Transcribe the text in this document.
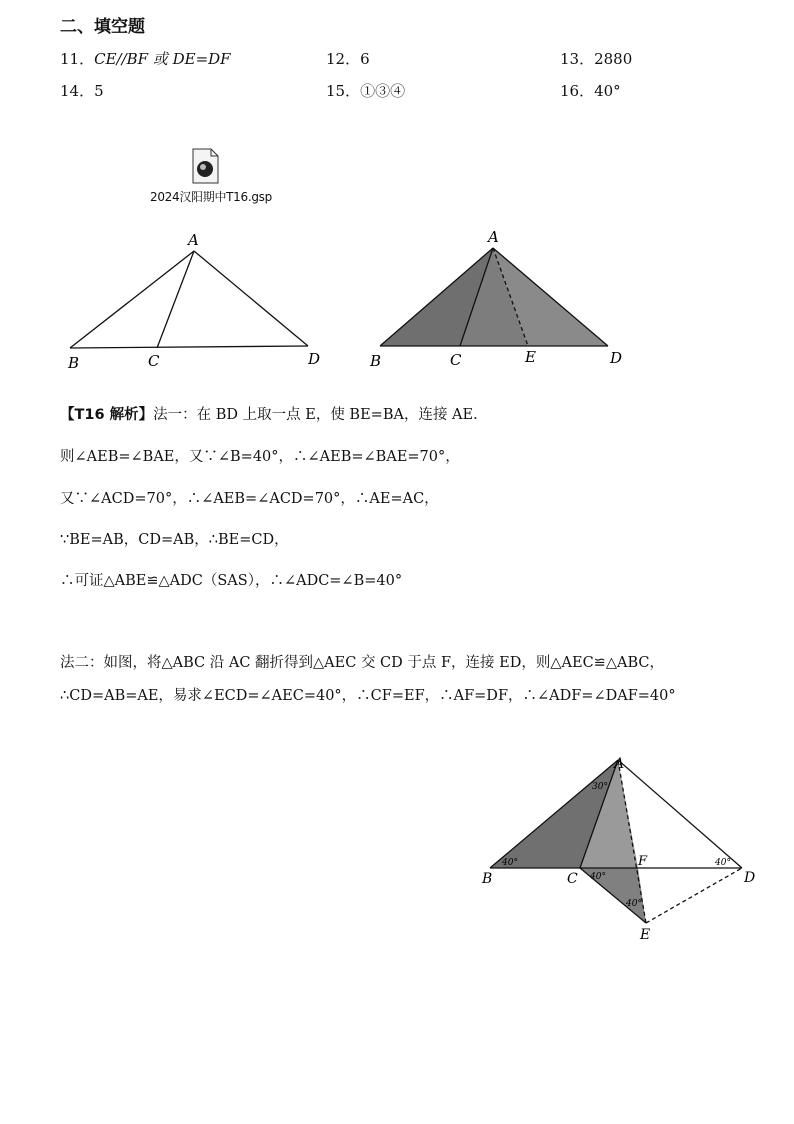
二、填空题
11．CE//BF 或 DE=DF	12．6	13．2880
14．5	15．①③④	16．40°
2024汉阳期中T16.gsp
A
B	C	D
A
B	C	E	D
【T16 解析】法一：在 BD 上取一点 E，使 BE=BA，连接 AE.
则∠AEB=∠BAE，又∵∠B=40°，∴∠AEB=∠BAE=70°，
又∵∠ACD=70°，∴∠AEB=∠ACD=70°，∴AE=AC，
∵BE=AB，CD=AB，∴BE=CD，
∴可证△ABE≌△ADC（SAS），∴∠ADC=∠B=40°
法二：如图，将△ABC 沿 AC 翻折得到△AEC 交 CD 于点 F，连接 ED，则△AEC≌△ABC，
∴CD=AB=AE，易求∠ECD=∠AEC=40°，∴CF=EF，∴AF=DF，∴∠ADF=∠DAF=40°
A
B	C
F
D
E
30°
40°	40°
40°
40°
